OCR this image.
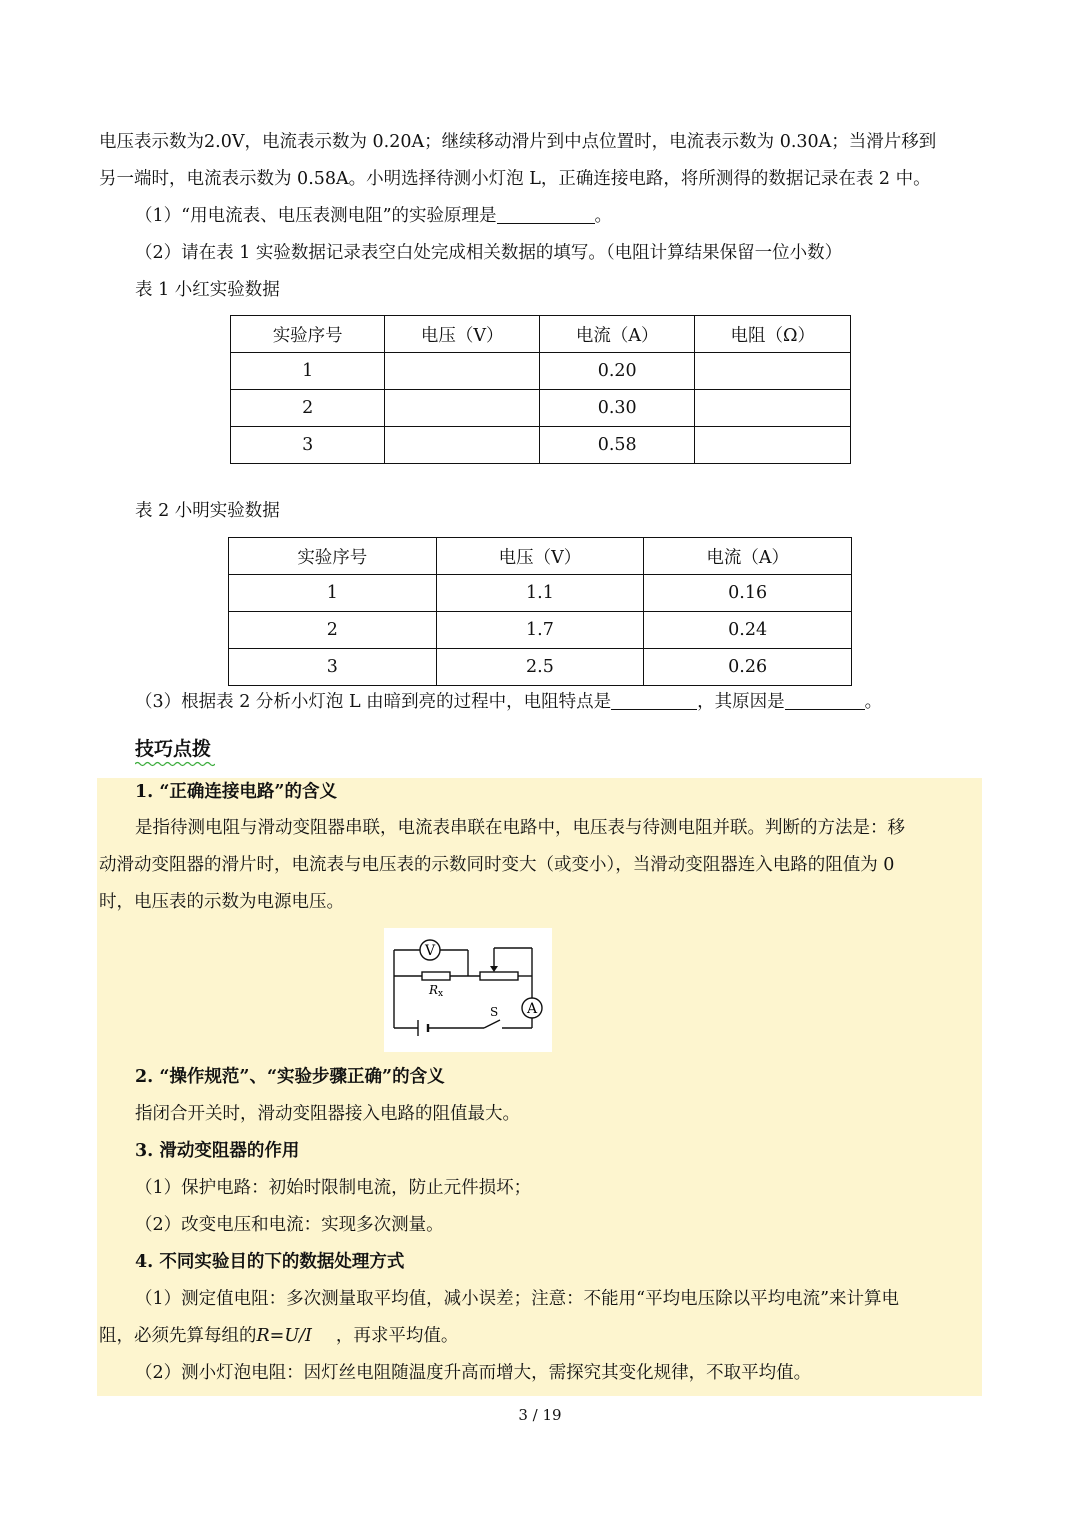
电压表示数为2.0V，电流表示数为 0.20A；继续移动滑片到中点位置时，电流表示数为 0.30A；当滑片移到
另一端时，电流表示数为 0.58A。小明选择待测小灯泡 L，正确连接电路，将所测得的数据记录在表 2 中。
（1）“用电流表、电压表测电阻”的实验原理是	。
（2）请在表 1 实验数据记录表空白处完成相关数据的填写。（电阻计算结果保留一位小数）
表 1 小红实验数据
实验序号	电压（V）	电流（A）	电阻（Ω）
1		0.20	
2		0.30	
3		0.58	
表 2 小明实验数据
实验序号	电压（V）	电流（A）
1	1.1	0.16
2	1.7	0.24
3	2.5	0.26
（3）根据表 2 分析小灯泡 L 由暗到亮的过程中，电阻特点是	，其原因是	。
技巧点拨
1. “正确连接电路”的含义
是指待测电阻与滑动变阻器串联，电流表串联在电路中，电压表与待测电阻并联。判断的方法是：移
动滑动变阻器的滑片时，电流表与电压表的示数同时变大（或变小），当滑动变阻器连入电路的阻值为 0
时，电压表的示数为电源电压。
V
A
Rx
S
2. “操作规范”、“实验步骤正确”的含义
指闭合开关时，滑动变阻器接入电路的阻值最大。
3. 滑动变阻器的作用
（1）保护电路：初始时限制电流，防止元件损坏；
（2）改变电压和电流：实现多次测量。
4. 不同实验目的下的数据处理方式
（1）测定值电阻：多次测量取平均值，减小误差；注意：不能用“平均电压除以平均电流”来计算电
阻，必须先算每组的R=U/I ，再求平均值。
（2）测小灯泡电阻：因灯丝电阻随温度升高而增大，需探究其变化规律，不取平均值。
3 / 19
